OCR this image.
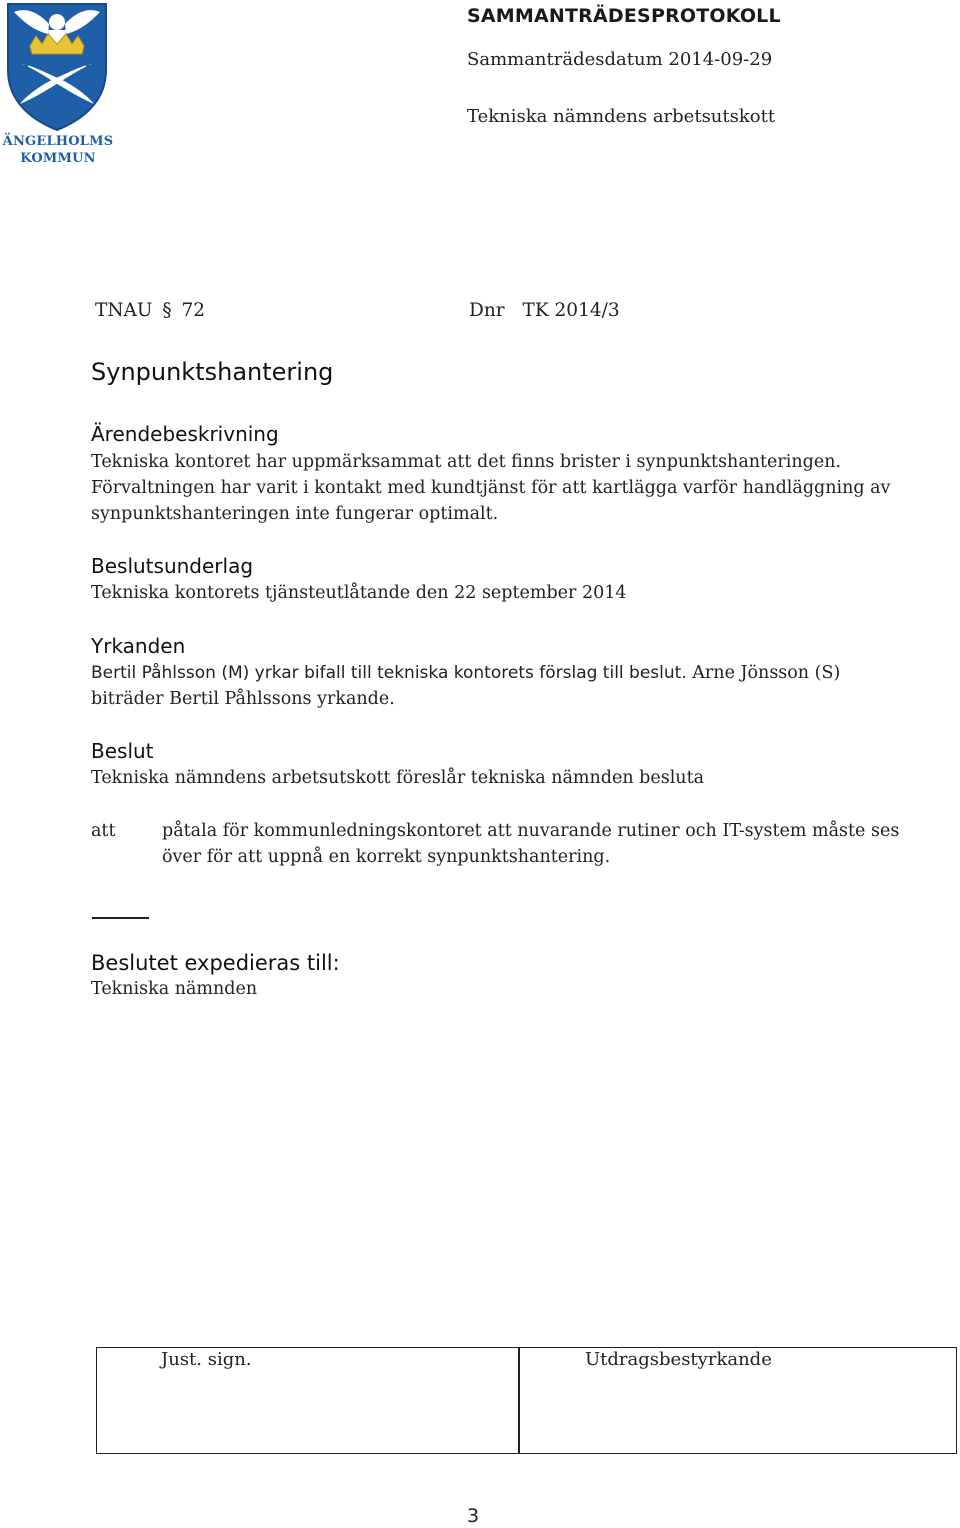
ÄNGELHOLMS
KOMMUN
SAMMANTRÄDESPROTOKOLL
Sammanträdesdatum 2014-09-29
Tekniska nämndens arbetsutskott
TNAU § 72	Dnr TK 2014/3
Synpunktshantering
Ärendebeskrivning
Tekniska kontoret har uppmärksammat att det finns brister i synpunktshanteringen.
Förvaltningen har varit i kontakt med kundtjänst för att kartlägga varför handläggning av
synpunktshanteringen inte fungerar optimalt.
Beslutsunderlag
Tekniska kontorets tjänsteutlåtande den 22 september 2014
Yrkanden
Bertil Påhlsson (M) yrkar bifall till tekniska kontorets förslag till beslut. Arne Jönsson (S)
biträder Bertil Påhlssons yrkande.
Beslut
Tekniska nämndens arbetsutskott föreslår tekniska nämnden besluta
att	påtala för kommunledningskontoret att nuvarande rutiner och IT-system måste ses
över för att uppnå en korrekt synpunktshantering.
Beslutet expedieras till:
Tekniska nämnden
Just. sign.	Utdragsbestyrkande
3
